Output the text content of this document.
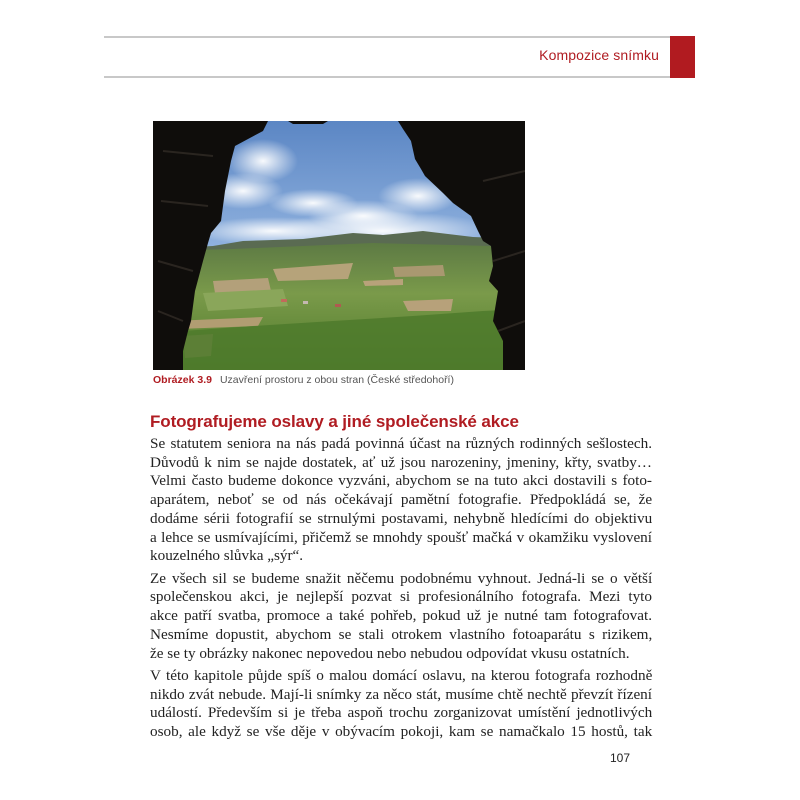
Kompozice snímku
Obrázek 3.9 Uzavření prostoru z obou stran (České středohoří)
Fotografujeme oslavy a jiné společenské akce

Se statutem seniora na nás padá povinná účast na různých rodinných sešlostech.
Důvodů k nim se najde dostatek, ať už jsou narozeniny, jmeniny, křty, svatby…
Velmi často budeme dokonce vyzváni, abychom se na tuto akci dostavili s foto-
aparátem, neboť se od nás očekávají pamětní fotografie. Předpokládá se, že
dodáme sérii fotografií se strnulými postavami, nehybně hledícími do objektivu
a lehce se usmívajícími, přičemž se mnohdy spoušť mačká v okamžiku vyslovení
kouzelného slůvka „sýr“.

Ze všech sil se budeme snažit něčemu podobnému vyhnout. Jedná-li se o větší
společenskou akci, je nejlepší pozvat si profesionálního fotografa. Mezi tyto
akce patří svatba, promoce a také pohřeb, pokud už je nutné tam fotografovat.
Nesmíme dopustit, abychom se stali otrokem vlastního fotoaparátu s rizikem,
že se ty obrázky nakonec nepovedou nebo nebudou odpovídat vkusu ostatních.

V této kapitole půjde spíš o malou domácí oslavu, na kterou fotografa rozhodně
nikdo zvát nebude. Mají-li snímky za něco stát, musíme chtě nechtě převzít řízení
událostí. Především si je třeba aspoň trochu zorganizovat umístění jednotlivých
osob, ale když se vše děje v obývacím pokoji, kam se namačkalo 15 hostů, tak

107
